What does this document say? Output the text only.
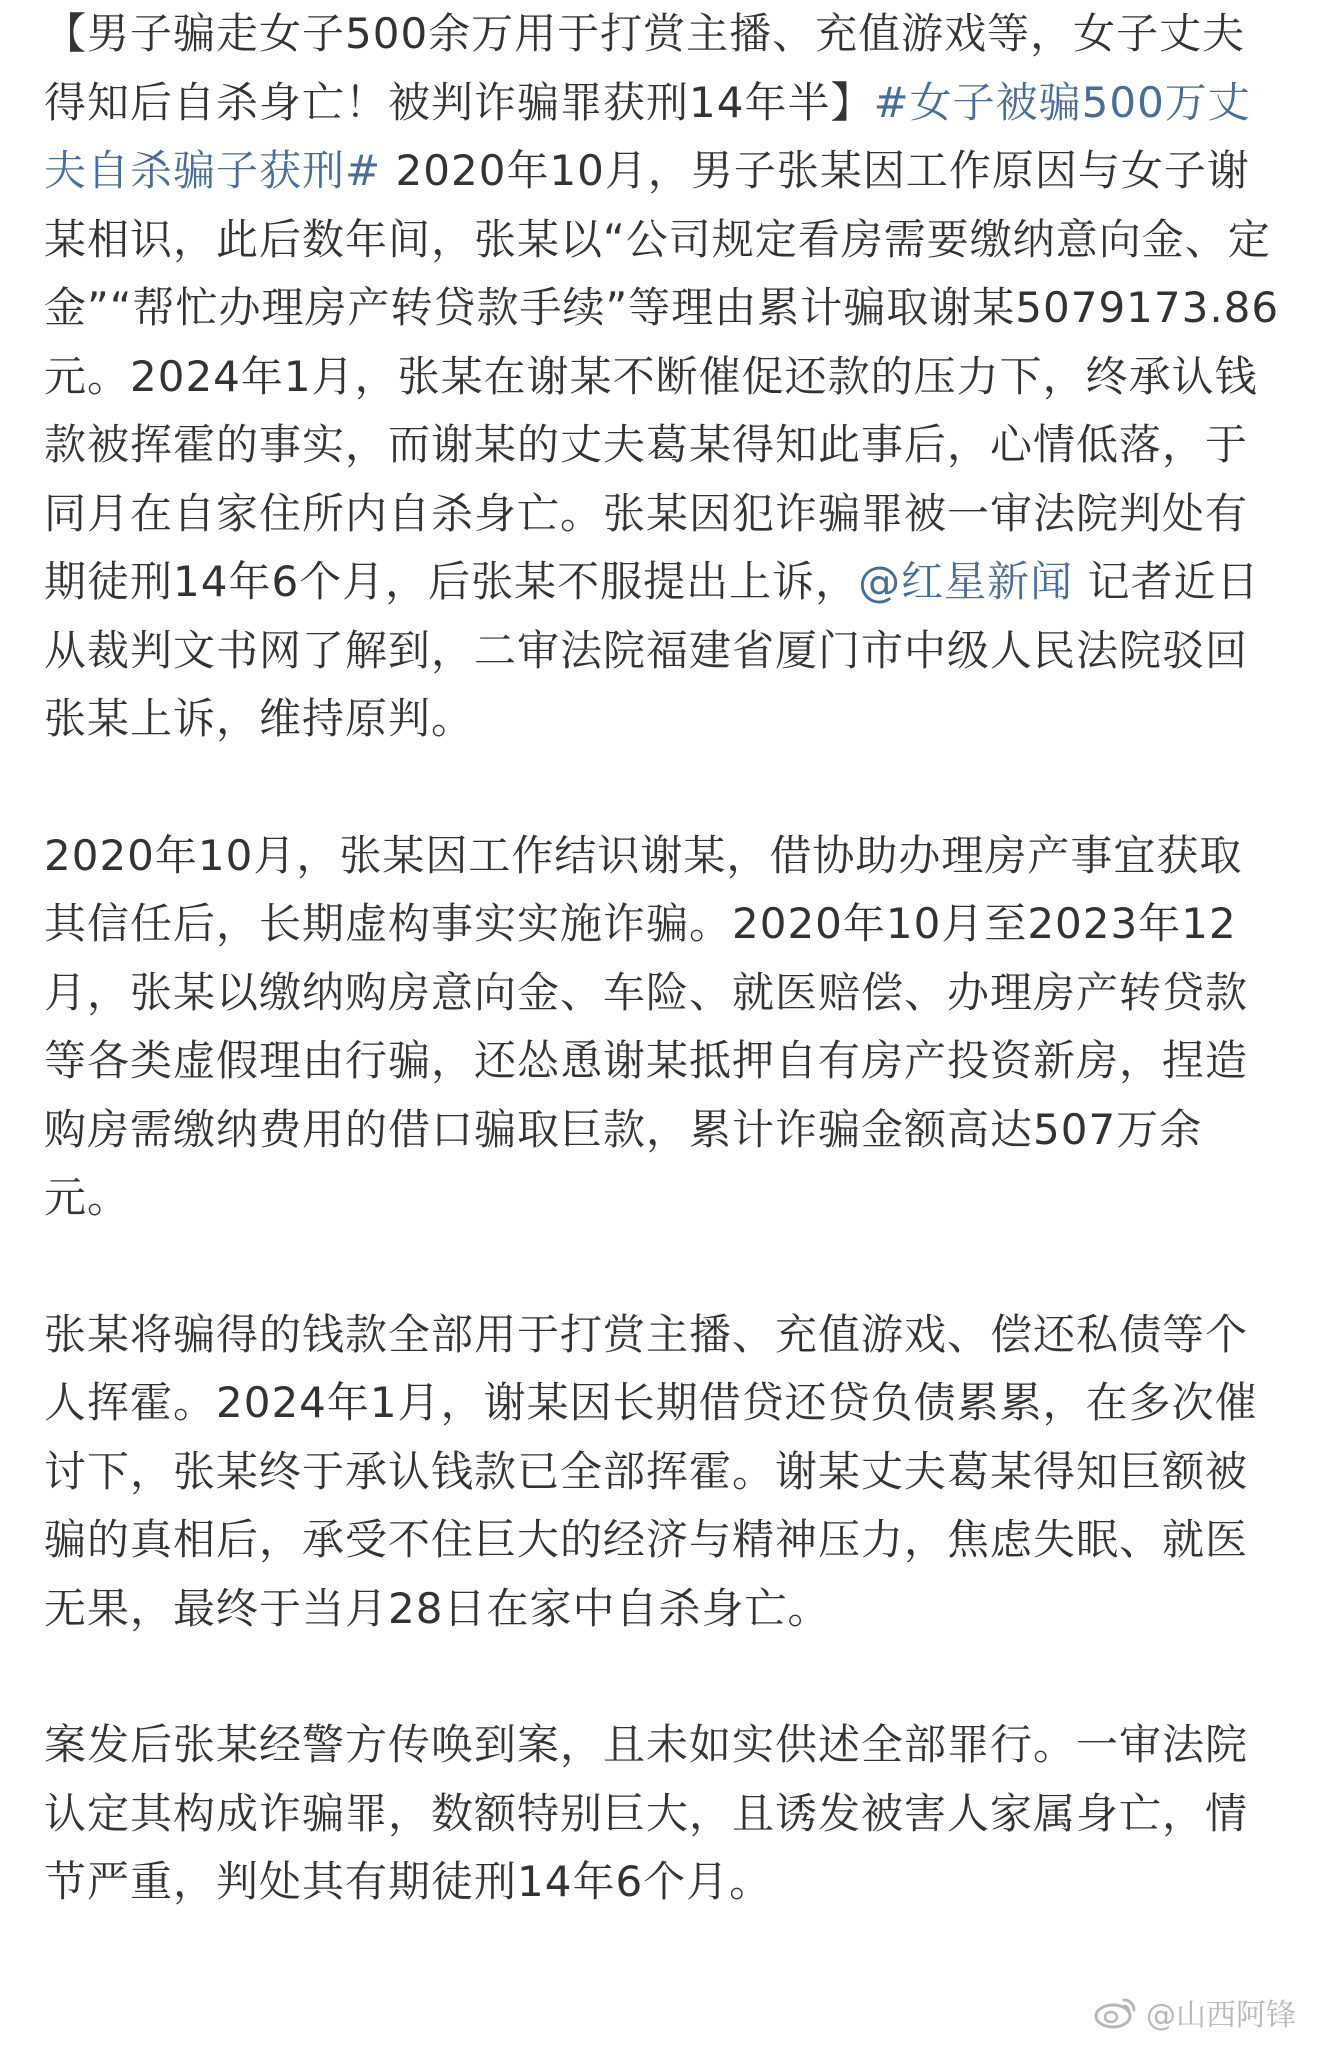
【男子骗走女子500余万用于打赏主播、充值游戏等，女子丈夫得知后自杀身亡！被判诈骗罪获刑14年半】#女子被骗500万丈夫自杀骗子获刑# 2020年10月，男子张某因工作原因与女子谢某相识，此后数年间，张某以“公司规定看房需要缴纳意向金、定金”“帮忙办理房产转贷款手续”等理由累计骗取谢某5079173.86元。2024年1月，张某在谢某不断催促还款的压力下，终承认钱款被挥霍的事实，而谢某的丈夫葛某得知此事后，心情低落，于同月在自家住所内自杀身亡。张某因犯诈骗罪被一审法院判处有期徒刑14年6个月，后张某不服提出上诉，@红星新闻 记者近日从裁判文书网了解到，二审法院福建省厦门市中级人民法院驳回张某上诉，维持原判。

2020年10月，张某因工作结识谢某，借协助办理房产事宜获取其信任后，长期虚构事实实施诈骗。2020年10月至2023年12月，张某以缴纳购房意向金、车险、就医赔偿、办理房产转贷款等各类虚假理由行骗，还怂恿谢某抵押自有房产投资新房，捏造购房需缴纳费用的借口骗取巨款，累计诈骗金额高达507万余元。

张某将骗得的钱款全部用于打赏主播、充值游戏、偿还私债等个人挥霍。2024年1月，谢某因长期借贷还贷负债累累，在多次催讨下，张某终于承认钱款已全部挥霍。谢某丈夫葛某得知巨额被骗的真相后，承受不住巨大的经济与精神压力，焦虑失眠、就医无果，最终于当月28日在家中自杀身亡。

案发后张某经警方传唤到案，且未如实供述全部罪行。一审法院认定其构成诈骗罪，数额特别巨大，且诱发被害人家属身亡，情节严重，判处其有期徒刑14年6个月。

@山西阿锋
